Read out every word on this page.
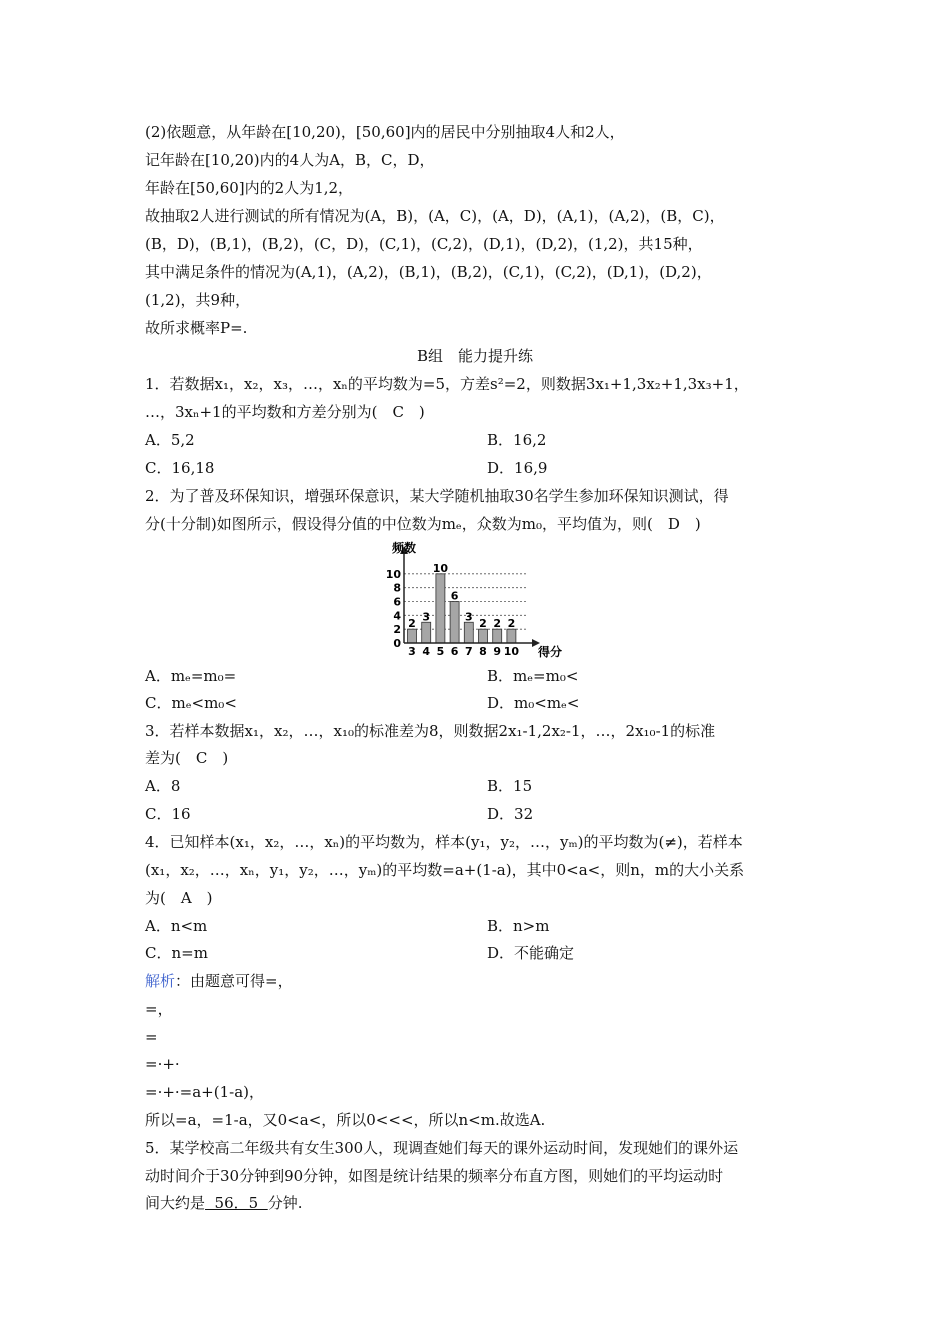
(2)依题意，从年龄在[10,20)，[50,60]内的居民中分别抽取4人和2人，
记年龄在[10,20)内的4人为A，B，C，D，
年龄在[50,60]内的2人为1,2，
故抽取2人进行测试的所有情况为(A，B)，(A，C)，(A，D)，(A,1)，(A,2)，(B，C)，
(B，D)，(B,1)，(B,2)，(C，D)，(C,1)，(C,2)，(D,1)，(D,2)，(1,2)，共15种，
其中满足条件的情况为(A,1)，(A,2)，(B,1)，(B,2)，(C,1)，(C,2)，(D,1)，(D,2)，
(1,2)，共9种，
故所求概率P=.
B组　能力提升练
1．若数据x₁，x₂，x₃，…，xₙ的平均数为=5，方差s²=2，则数据3x₁+1,3x₂+1,3x₃+1，
…，3xₙ+1的平均数和方差分别为(　C　)
A．5,2	B．16,2
C．16,18	D．16,9
2．为了普及环保知识，增强环保意识，某大学随机抽取30名学生参加环保知识测试，得
分(十分制)如图所示，假设得分值的中位数为mₑ，众数为m₀，平均值为，则(　D　)
2
3
10
6
3
2 2 2
0
2
4
6
8
10
3 4 5 6 7 8 9 10
频数
得分
A．mₑ=m₀=	B．mₑ=m₀<
C．mₑ<m₀<	D．m₀<mₑ<
3．若样本数据x₁，x₂，…，x₁₀的标准差为8，则数据2x₁-1,2x₂-1，…，2x₁₀-1的标准
差为(　C　)
A．8	B．15
C．16	D．32
4．已知样本(x₁，x₂，…，xₙ)的平均数为，样本(y₁，y₂，…，yₘ)的平均数为(≠)，若样本
(x₁，x₂，…，xₙ，y₁，y₂，…，yₘ)的平均数=a+(1-a)，其中0<a<，则n，m的大小关系
为(　A　)
A．n<m	B．n>m
C．n=m	D．不能确定
解析：由题意可得=，
=，
=
=·+·
=·+·=a+(1-a)，
所以=a，=1-a，又0<a<，所以0<<<，所以n<m.故选A.
5．某学校高二年级共有女生300人，现调查她们每天的课外运动时间，发现她们的课外运
动时间介于30分钟到90分钟，如图是统计结果的频率分布直方图，则她们的平均运动时
间大约是  56．5  分钟.
